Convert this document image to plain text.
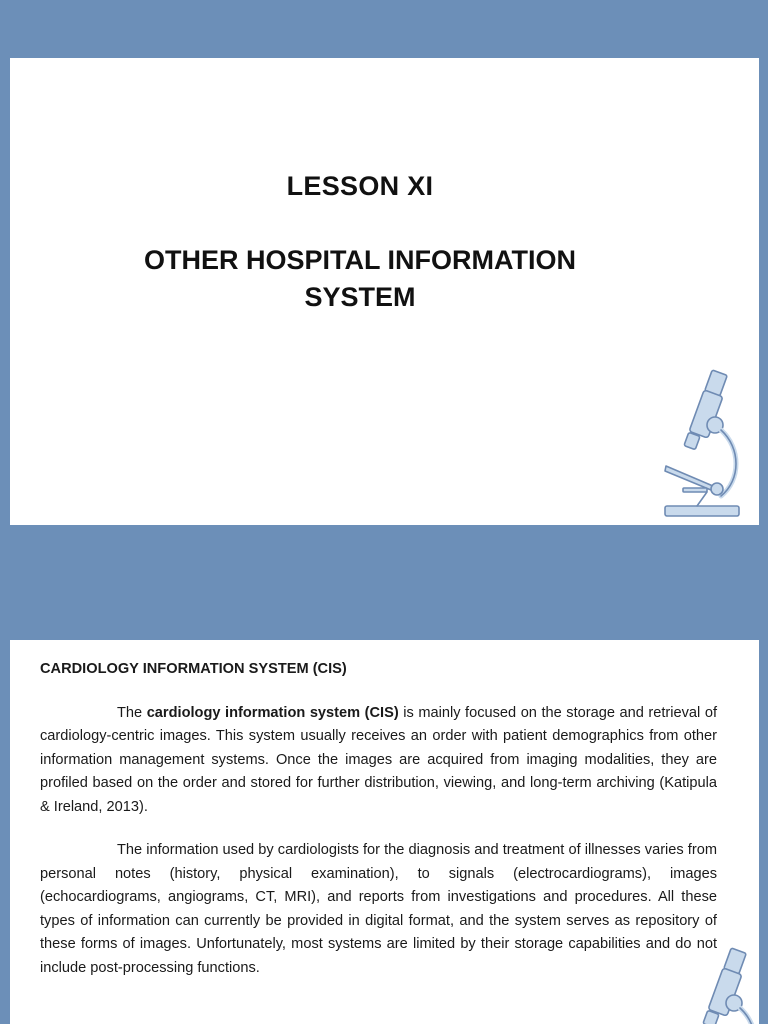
LESSON XI
OTHER HOSPITAL INFORMATION
SYSTEM
CARDIOLOGY INFORMATION SYSTEM (CIS)

The cardiology information system (CIS) is mainly focused on the storage and retrieval of cardiology-centric images. This system usually receives an order with patient demographics from other information management systems. Once the images are acquired from imaging modalities, they are profiled based on the order and stored for further distribution, viewing, and long-term archiving (Katipula & Ireland, 2013).

The information used by cardiologists for the diagnosis and treatment of illnesses varies from personal notes (history, physical examination), to signals (electrocardiograms), images (echocardiograms, angiograms, CT, MRI), and reports from investigations and procedures. All these types of information can currently be provided in digital format, and the system serves as repository of these forms of images. Unfortunately, most systems are limited by their storage capabilities and do not include post-processing functions.
